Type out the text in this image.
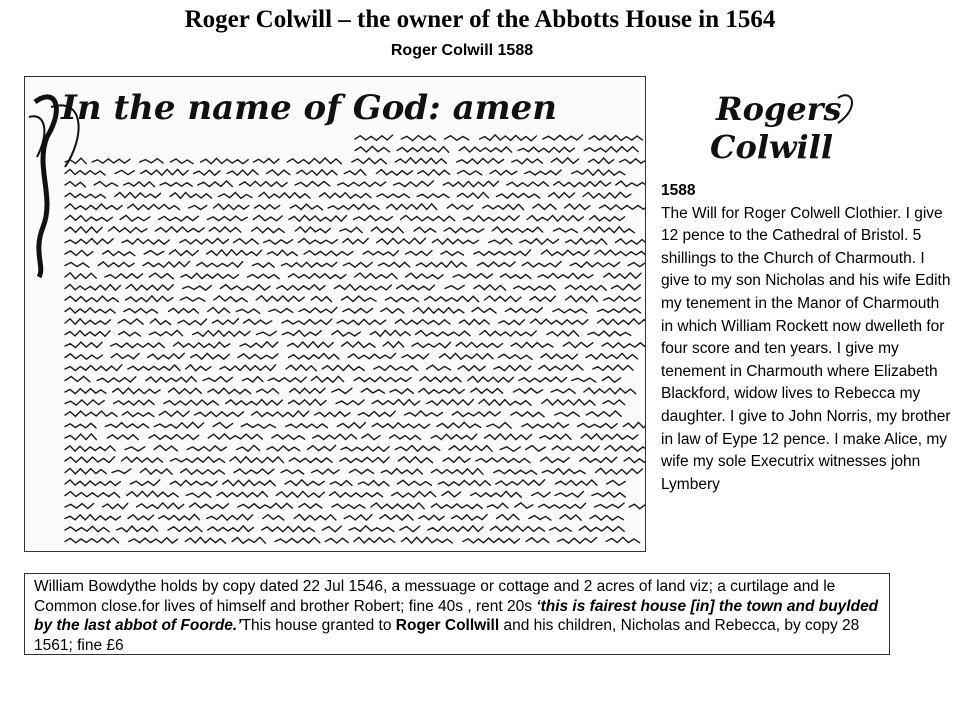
Roger Colwill – the owner of the Abbotts House in 1564
Roger Colwill 1588
In the name of God: amen	Rogers
Colwill
1588
The Will for Roger Colwell Clothier. I give 12 pence to the Cathedral of Bristol. 5 shillings to the Church of Charmouth. I give to my son Nicholas and his wife Edith my tenement in the Manor of Charmouth in which William Rockett now dwelleth for four score and ten years. I give my tenement in Charmouth where Elizabeth Blackford, widow lives to Rebecca my daughter. I give to John Norris, my brother in law of Eype 12 pence. I make Alice, my wife my sole Executrix witnesses john Lymbery
William Bowdythe holds by copy dated 22 Jul 1546, a messuage or cottage and 2 acres of land viz; a curtilage and le Common close.for lives of himself and brother Robert; fine 40s , rent 20s ‘this is fairest house [in] the town and buylded by the last abbot of Foorde.’This house granted to Roger Collwill and his children, Nicholas and Rebecca, by copy 28 1561; fine £6
